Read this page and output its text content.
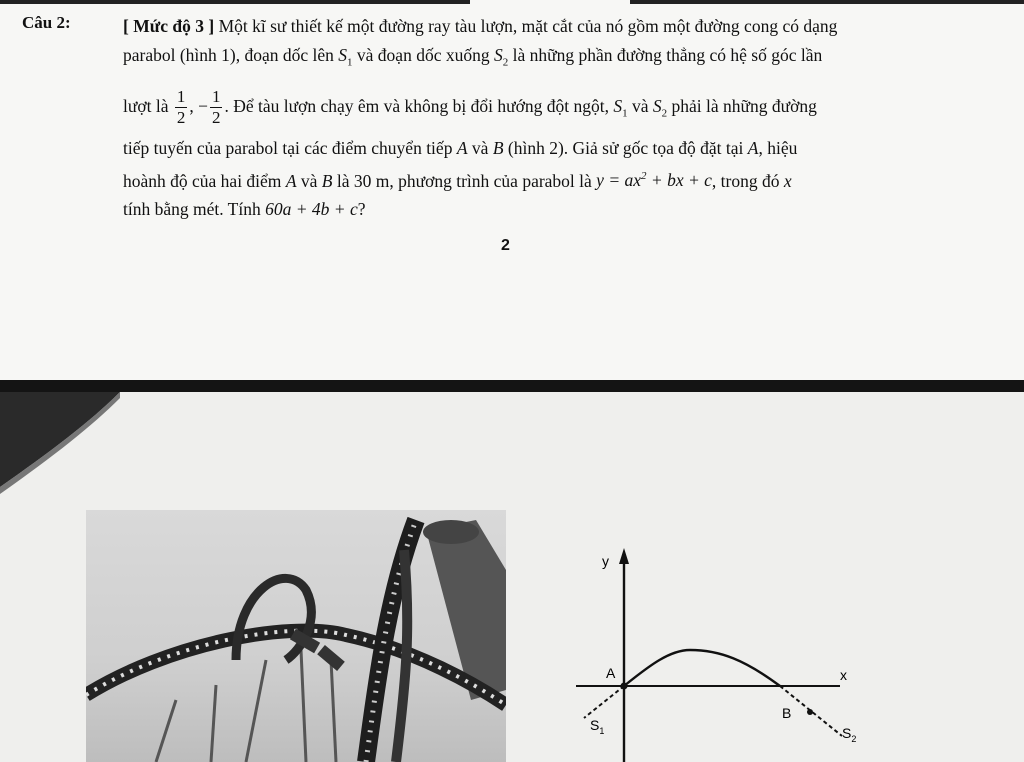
Câu 2:	[ Mức độ 3 ] Một kĩ sư thiết kế một đường ray tàu lượn, mặt cắt của nó gồm một đường cong có dạng
parabol (hình 1), đoạn dốc lên $S_1$ và đoạn dốc xuống $S_2$ là những phần đường thẳng có hệ số góc lần
lượt là $\frac{1}{2}$ , − $\frac{1}{2}$ . Để tàu lượn chạy êm và không bị đổi hướng đột ngột, $S_1$ và $S_2$ phải là những đường
tiếp tuyến của parabol tại các điểm chuyển tiếp A và B (hình 2). Giả sử gốc tọa độ đặt tại A, hiệu
hoành độ của hai điểm A và B là 30 m, phương trình của parabol là $y = ax^2$ + bx + c, trong đó x
tính bằng mét. Tính 60a + 4b + c?
2
y
x
A
B
$S_1$	$S_2$
